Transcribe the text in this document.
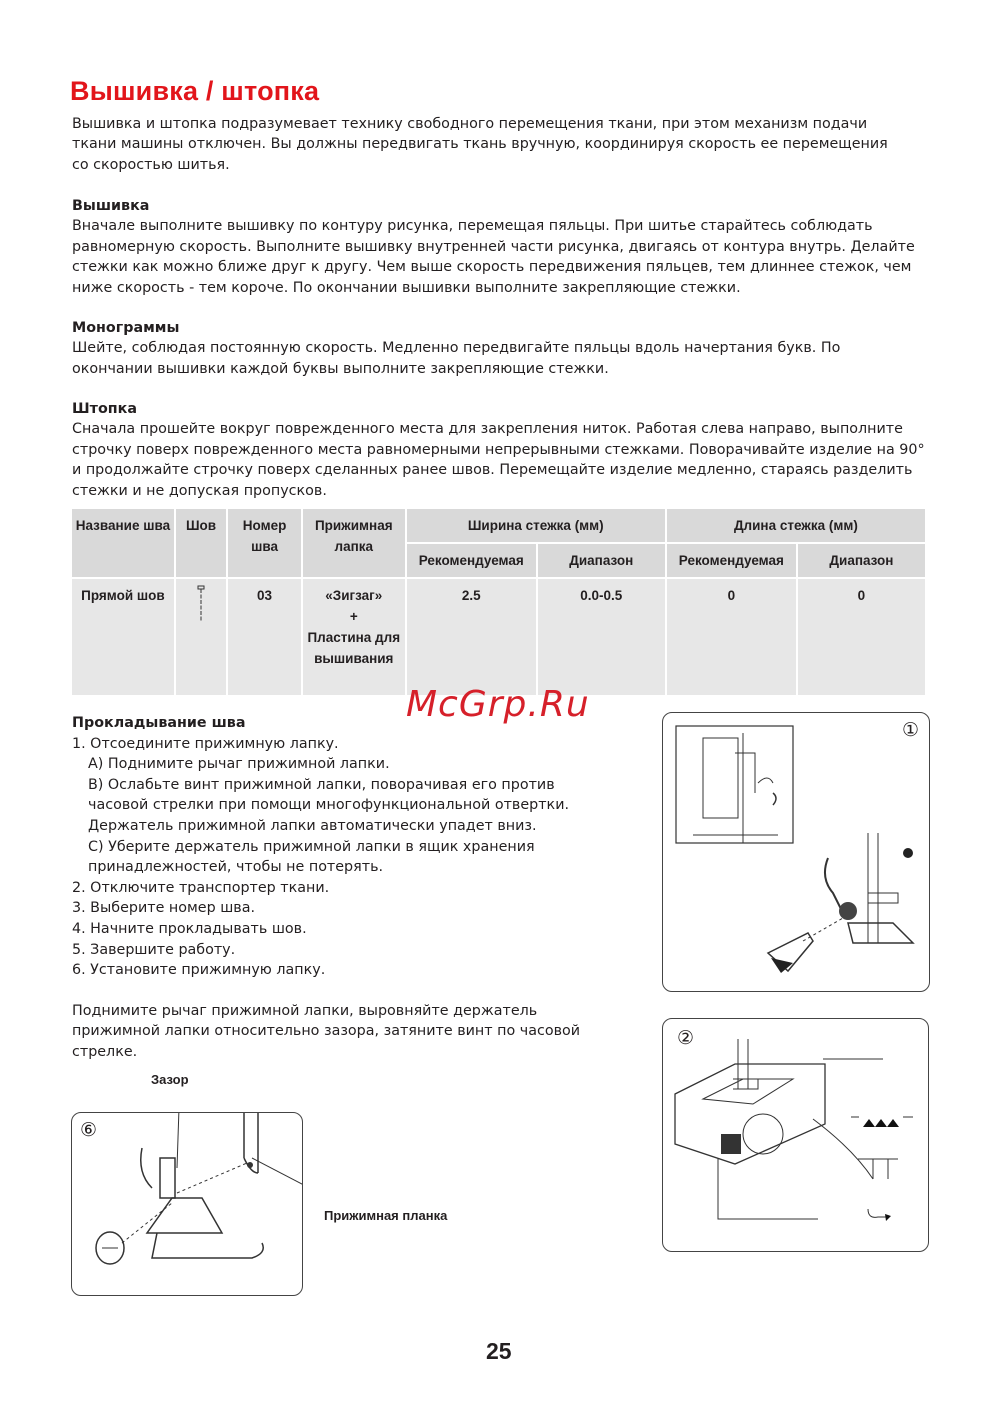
Вышивка / штопка

Вышивка и штопка подразумевает технику свободного перемещения ткани, при этом механизм подачи ткани машины отключен. Вы должны передвигать ткань вручную, координируя скорость ее перемещения со скоростью шитья.

Вышивка

Вначале выполните вышивку по контуру рисунка, перемещая пяльцы. При шитье старайтесь соблюдать равномерную скорость. Выполните вышивку внутренней части рисунка, двигаясь от контура внутрь. Делайте стежки как можно ближе друг к другу. Чем выше скорость передвижения пяльцев, тем длиннее стежок, чем ниже скорость - тем короче. По окончании вышивки выполните закрепляющие стежки.

Монограммы

Шейте, соблюдая постоянную скорость. Медленно передвигайте пяльцы вдоль начертания букв. По окончании вышивки каждой буквы выполните закрепляющие стежки.

Штопка

Сначала прошейте вокруг поврежденного места для закрепления ниток. Работая слева направо, выполните строчку поверх поврежденного места равномерными непрерывными стежками. Поворачивайте изделие на 90° и продолжайте строчку поверх сделанных ранее швов. Перемещайте изделие медленно, стараясь разделить стежки и не допуская пропусков.

Название шва	Шов	Номер шва	Прижимная лапка	Ширина стежка (мм)		Длина стежка (мм)	
				Рекомендуемая	Диапазон	Рекомендуемая	Диапазон
Прямой шов		03	«Зигзаг»
+
Пластина для вышивания	2.5	0.0-0.5	0	0
McGrp.Ru
Прокладывание шва
1. Отсоедините прижимную лапку.
А) Поднимите рычаг прижимной лапки.
В) Ослабьте винт прижимной лапки, поворачивая его против часовой стрелки при помощи многофункциональной отвертки. Держатель прижимной лапки автоматически упадет вниз.
С) Уберите держатель прижимной лапки в ящик хранения принадлежностей, чтобы не потерять.
2. Отключите транспортер ткани.
3. Выберите номер шва.
4. Начните прокладывать шов.
5. Завершите работу.
6. Установите прижимную лапку.
Поднимите рычаг прижимной лапки, выровняйте держатель прижимной лапки относительно зазора, затяните винт по часовой стрелке.
①
②
Зазор
⑥
Прижимная планка
25
